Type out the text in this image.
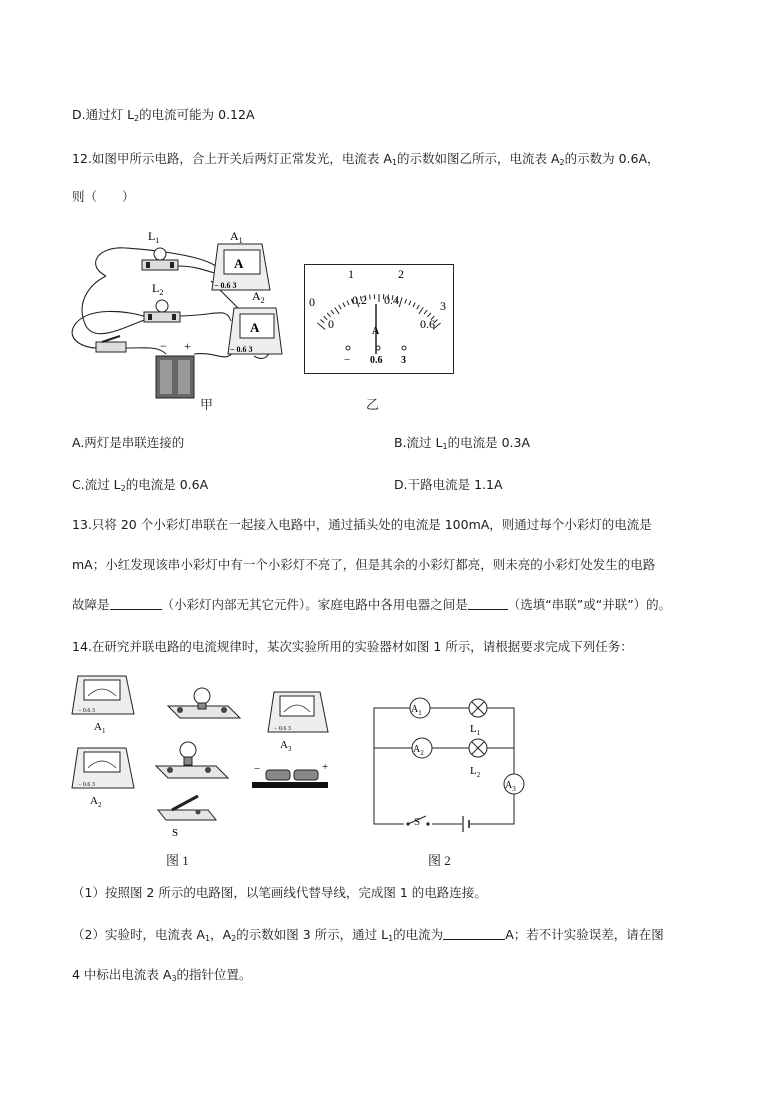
D.通过灯 $L_2$的电流可能为 0.12A
12.如图甲所示电路，合上开关后两灯正常发光，电流表 $A_1$的示数如图乙所示，电流表 $A_2$的示数为 0.6A，
则（　　）
$L_1$
$L_2$
A
− 0.6 3
$A_1$
A
− 0.6 3
$A_2$
− +
甲
0
1	2
3
0
0.2 0.4
0.6
A
− 0.6 3
乙
A.两灯是串联连接的	B.流过 $L_1$的电流是 0.3A
C.流过 $L_2$的电流是 0.6A	D.干路电流是 1.1A
13.只将 20 个小彩灯串联在一起接入电路中，通过插头处的电流是 100mA，则通过每个小彩灯的电流是
mA；小红发现该串小彩灯中有一个小彩灯不亮了，但是其余的小彩灯都亮，则未亮的小彩灯处发生的电路
故障是	（小彩灯内部无其它元件）。家庭电路中各用电器之间是	（选填“串联”或“并联”）的。
14.在研究并联电路的电流规律时，某次实验所用的实验器材如图 1 所示，请根据要求完成下列任务：
− 0.6 3
$A_1$
− 0.6 3
$A_2$
S
− 0.6 3
$A_3$
−	+
图 1
$A_1$
$L_1$
$A_2$
$L_2$
$A_3$
S
图 2
（1）按照图 2 所示的电路图，以笔画线代替导线，完成图 1 的电路连接。
（2）实验时，电流表 $A_1$，$A_2$的示数如图 3 所示，通过 $L_1$的电流为	A；若不计实验误差，请在图
4 中标出电流表 $A_3$的指针位置。
